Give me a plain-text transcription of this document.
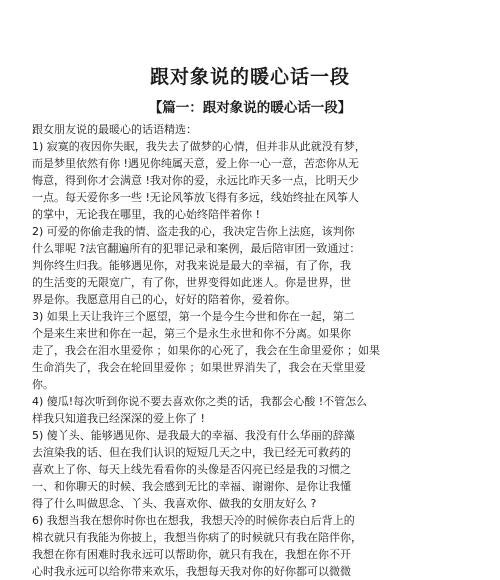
跟对象说的暖心话一段
【篇一：跟对象说的暖心话一段】

跟女朋友说的最暖心的话语精选：

1) 寂寞的夜因你失眠，我失去了做梦的心情，但并非从此就没有梦，

而是梦里依然有你 !遇见你纯属天意，爱上你一心一意，苦恋你从无

悔意，得到你才会满意 !我对你的爱，永远比昨天多一点，比明天少

一点。每天爱你多一些 !无论风筝放飞得有多远，线始终扯在风筝人

的掌中，无论我在哪里，我的心始终陪伴着你 !

2) 可爱的你偷走我的情、盗走我的心，我决定告你上法庭，该判你

什么罪呢 ?法官翻遍所有的犯罪记录和案例，最后陪审团一致通过：

判你终生归我。能够遇见你，对我来说是最大的幸福，有了你，我

的生活变的无限宽广，有了你，世界变得如此迷人。你是世界，世

界是你。我愿意用自己的心，好好的陪着你，爱着你。

3) 如果上天让我许三个愿望，第一个是今生今世和你在一起，第二

个是来生来世和你在一起，第三个是永生永世和你不分离。如果你

走了，我会在泪水里爱你 ；如果你的心死了，我会在生命里爱你 ；如果

生命消失了，我会在轮回里爱你 ；如果世界消失了，我会在天堂里爱

你。

4) 傻瓜!每次听到你说不要去喜欢你之类的话，我都会心酸 !不管怎么

样我只知道我已经深深的爱上你了 !

5) 傻丫头、能够遇见你、是我最大的幸福、我没有什么华丽的辞藻

去渲染我的话、但在我们认识的短短几天之中，我已经无可救药的

喜欢上了你、每天上线先看看你的头像是否闪亮已经是我的习惯之

一、和你聊天的时候、我会感到无比的幸福、谢谢你、是你让我懂

得了什么叫做思念、丫头、我喜欢你、做我的女朋友好么 ?

6) 我想当我在想你时你也在想我，我想天冷的时候你表白后背上的

棉衣就只有我能为你披上，我想当你病了的时候就只有我在陪伴你，

我想在你有困难时我永远可以帮助你，就只有我在，我想在你不开

心时我永远可以给你带来欢乐，我想每天我对你的好你都可以微微
